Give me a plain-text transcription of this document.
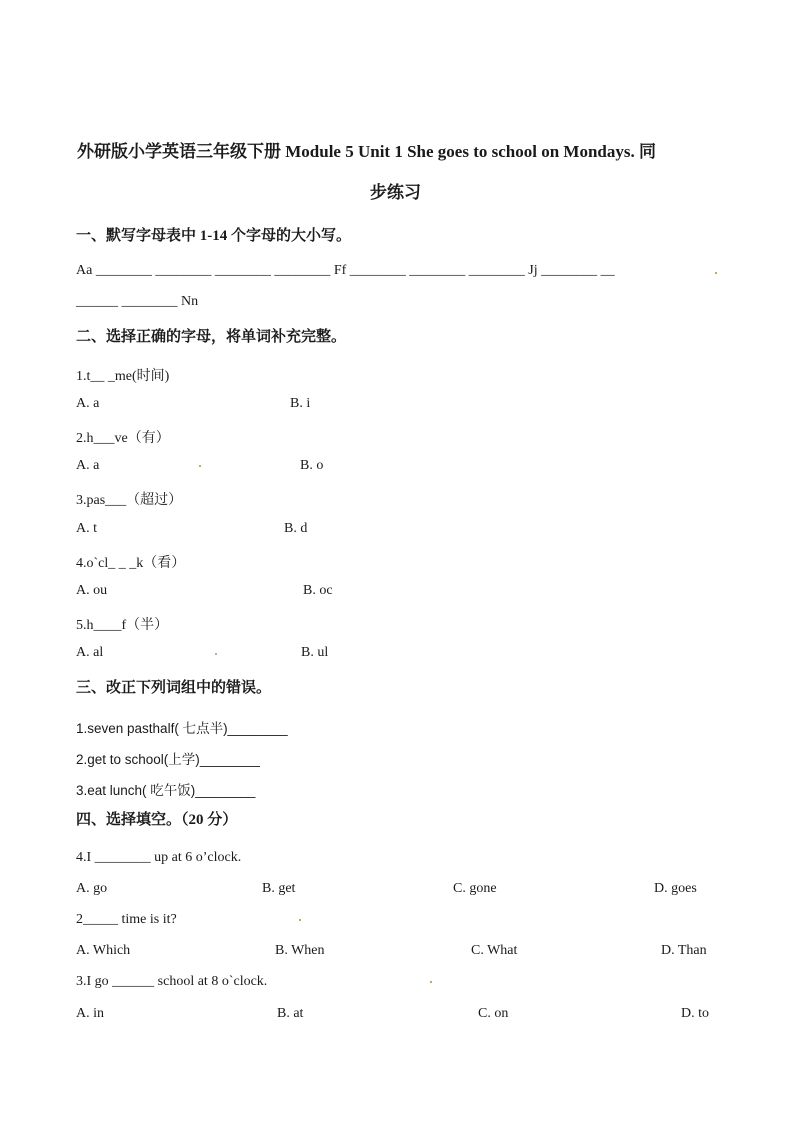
外研版小学英语三年级下册 Module 5 Unit 1 She goes to school on Mondays. 同
步练习
一、默写字母表中 1-14 个字母的大小写。
Aa ________ ________ ________ ________ Ff ________ ________ ________ Jj ________ __
______ ________ Nn
二、选择正确的字母，将单词补充完整。
1.t__ _me(时间)
A. a	B. i
2.h___ve（有）
A. a	B. o
3.pas___（超过）
A. t	B. d
4.o`cl_ _ _k（看）
A. ou	B. oc
5.h____f（半）
A. al	B. ul
三、改正下列词组中的错误。
1.seven pasthalf( 七点半)________
2.get to school(上学)________
3.eat lunch( 吃午饭)________
四、选择填空。（20 分）
4.I ________ up at 6 o’clock.
A. go	B. get	C. gone	D. goes
2_____ time is it?
A. Which	B. When	C. What	D. Than
3.I go ______ school at 8 o`clock.
A. in	B. at	C. on	D. to
